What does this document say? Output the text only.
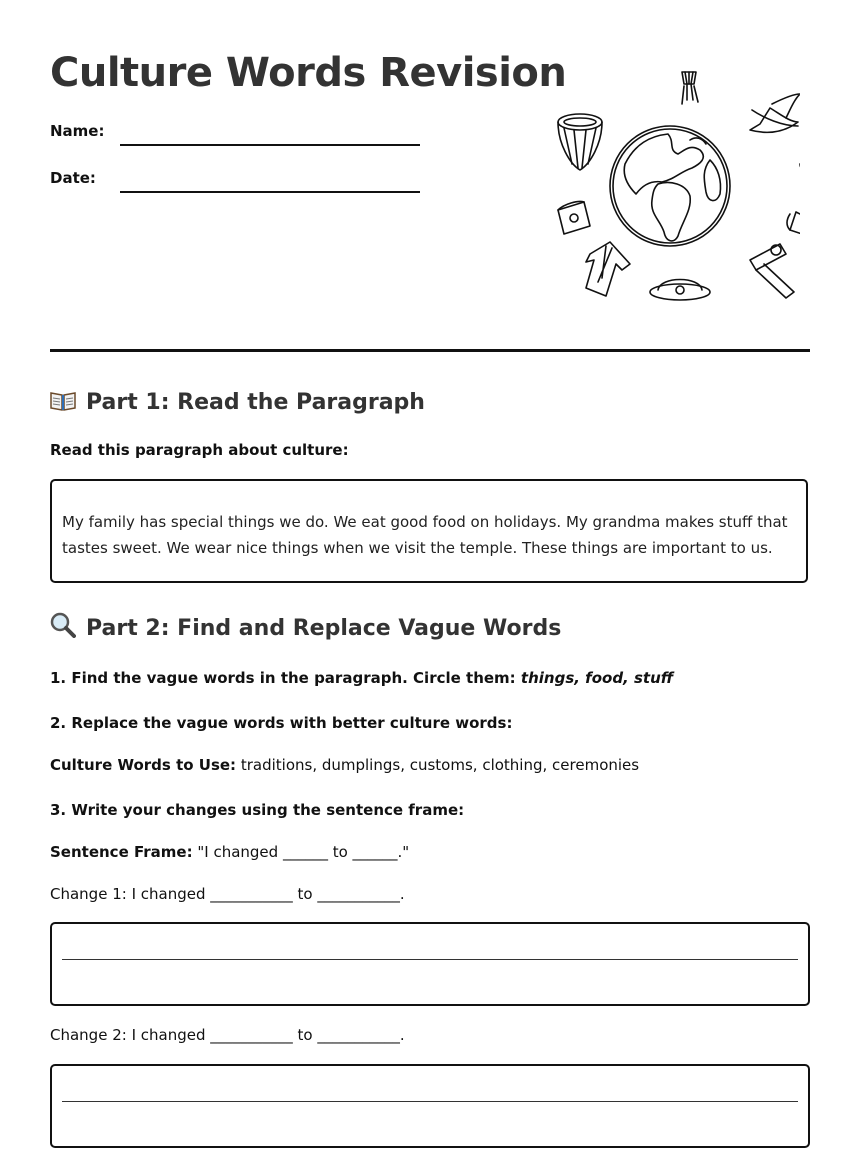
Culture Words Revision
Name:
Date:
Part 1: Read the Paragraph
Read this paragraph about culture:
My family has special things we do. We eat good food on holidays. My grandma makes stuff that tastes sweet. We wear nice things when we visit the temple. These things are important to us.
Part 2: Find and Replace Vague Words
1. Find the vague words in the paragraph. Circle them: things, food, stuff
2. Replace the vague words with better culture words:
Culture Words to Use: traditions, dumplings, customs, clothing, ceremonies
3. Write your changes using the sentence frame:
Sentence Frame: "I changed ______ to ______."
Change 1: I changed ___________ to ___________.
Change 2: I changed ___________ to ___________.
